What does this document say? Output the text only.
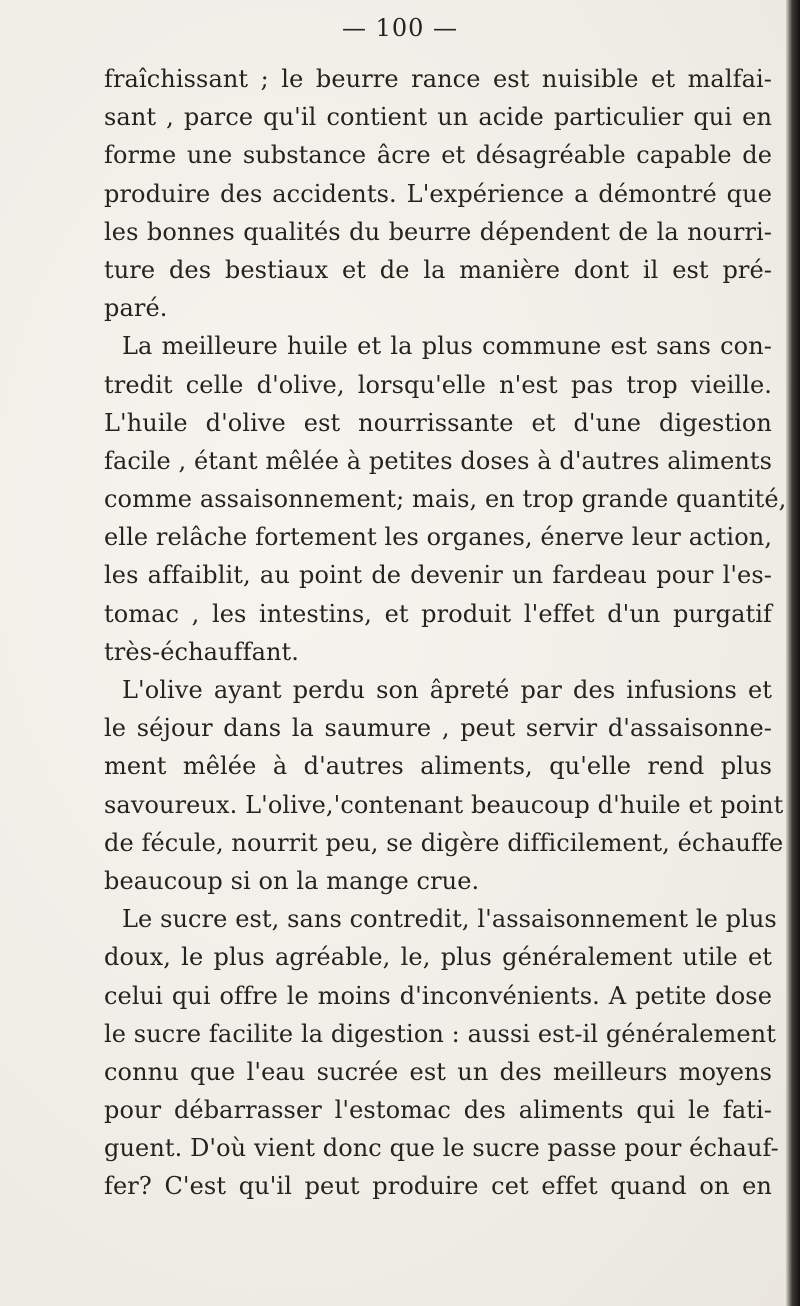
— 100 —
fraîchissant ; le beurre rance est nuisible et malfai-
sant , parce qu'il contient un acide particulier qui en
forme une substance âcre et désagréable capable de
produire des accidents. L'expérience a démontré que
les bonnes qualités du beurre dépendent de la nourri-
ture des bestiaux et de la manière dont il est pré-
paré.
La meilleure huile et la plus commune est sans con-
tredit celle d'olive, lorsqu'elle n'est pas trop vieille.
L'huile d'olive est nourrissante et d'une digestion
facile , étant mêlée à petites doses à d'autres aliments
comme assaisonnement; mais, en trop grande quantité,
elle relâche fortement les organes, énerve leur action,
les affaiblit, au point de devenir un fardeau pour l'es-
tomac , les intestins, et produit l'effet d'un purgatif
très-échauffant.
L'olive ayant perdu son âpreté par des infusions et
le séjour dans la saumure , peut servir d'assaisonne-
ment mêlée à d'autres aliments, qu'elle rend plus
savoureux. L'olive,'contenant beaucoup d'huile et point
de fécule, nourrit peu, se digère difficilement, échauffe
beaucoup si on la mange crue.
Le sucre est, sans contredit, l'assaisonnement le plus
doux, le plus agréable, le, plus généralement utile et
celui qui offre le moins d'inconvénients. A petite dose
le sucre facilite la digestion : aussi est-il généralement
connu que l'eau sucrée est un des meilleurs moyens
pour débarrasser l'estomac des aliments qui le fati-
guent. D'où vient donc que le sucre passe pour échauf-
fer? C'est qu'il peut produire cet effet quand on en
